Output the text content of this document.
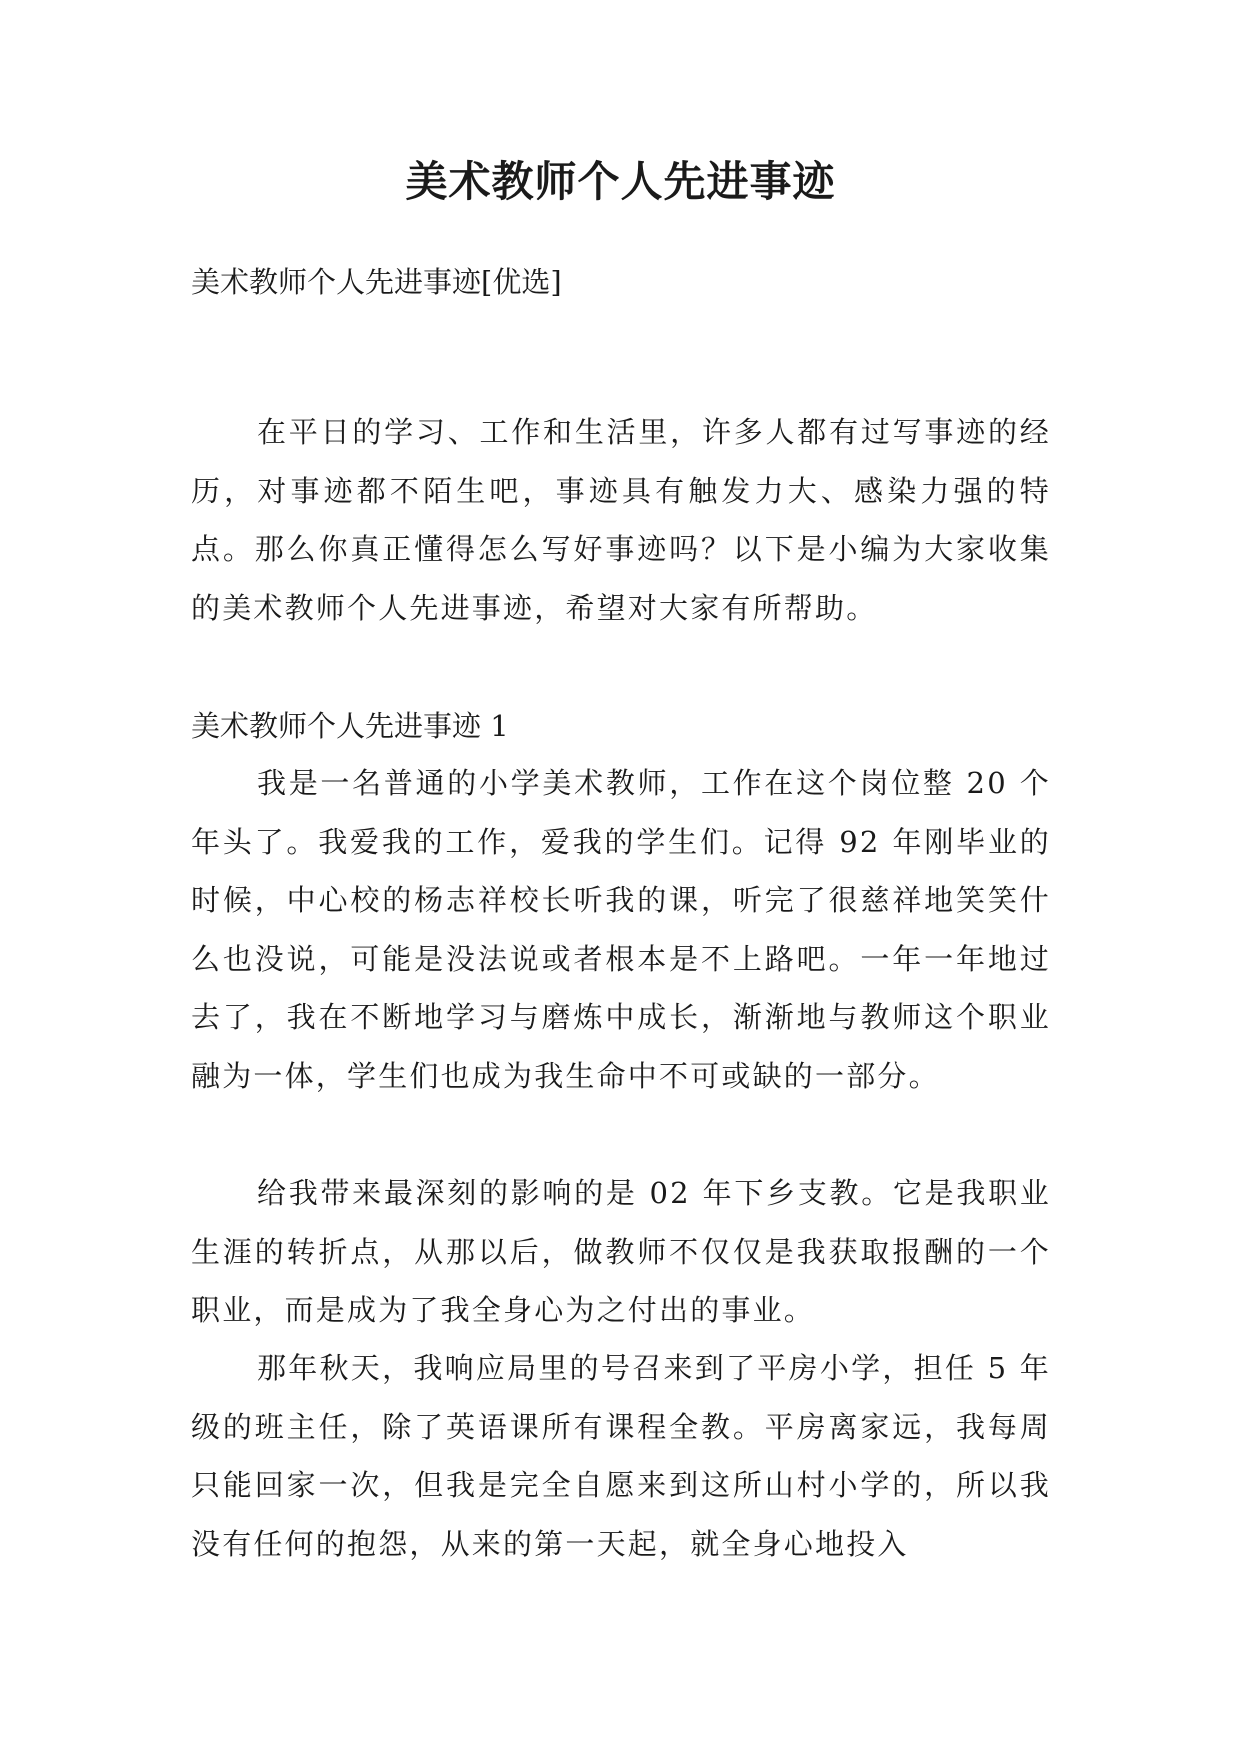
美术教师个人先进事迹

美术教师个人先进事迹[优选]

在平日的学习、工作和生活里，许多人都有过写事迹的经历，对事迹都不陌生吧，事迹具有触发力大、感染力强的特点。那么你真正懂得怎么写好事迹吗？以下是小编为大家收集的美术教师个人先进事迹，希望对大家有所帮助。

美术教师个人先进事迹 1

我是一名普通的小学美术教师，工作在这个岗位整 20 个年头了。我爱我的工作，爱我的学生们。记得 92 年刚毕业的时候，中心校的杨志祥校长听我的课，听完了很慈祥地笑笑什么也没说，可能是没法说或者根本是不上路吧。一年一年地过去了，我在不断地学习与磨炼中成长，渐渐地与教师这个职业融为一体，学生们也成为我生命中不可或缺的一部分。

给我带来最深刻的影响的是 02 年下乡支教。它是我职业生涯的转折点，从那以后，做教师不仅仅是我获取报酬的一个职业，而是成为了我全身心为之付出的事业。

那年秋天，我响应局里的号召来到了平房小学，担任 5 年级的班主任，除了英语课所有课程全教。平房离家远，我每周只能回家一次，但我是完全自愿来到这所山村小学的，所以我没有任何的抱怨，从来的第一天起，就全身心地投入
